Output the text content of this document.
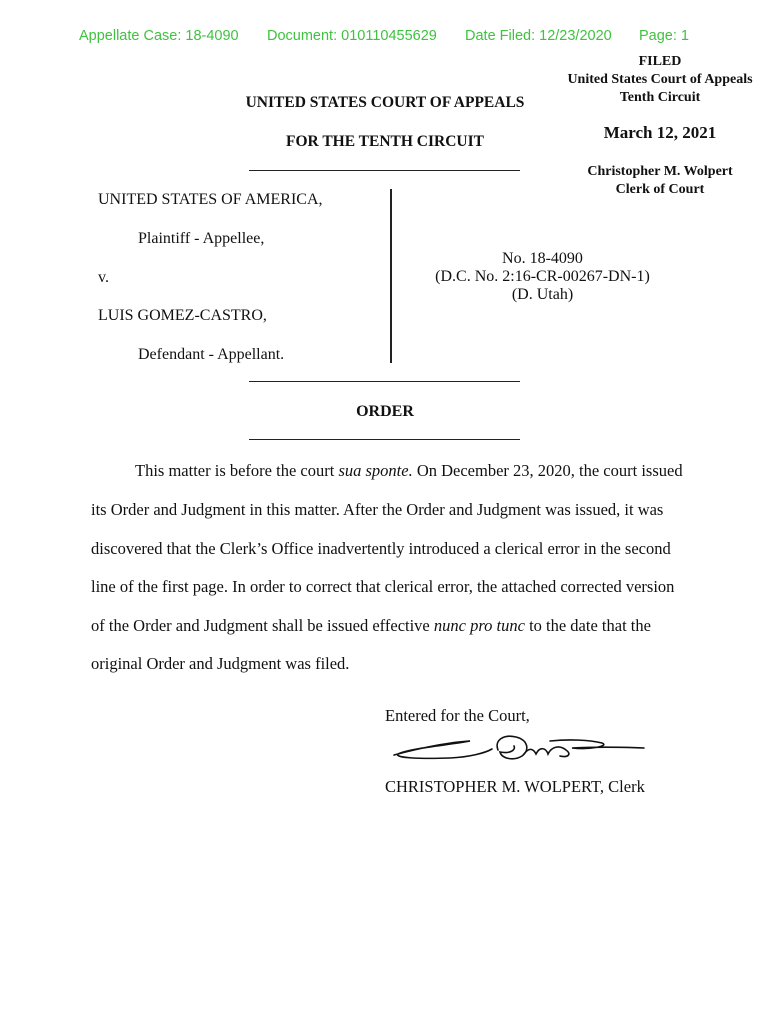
Appellate Case: 18-4090 Document: 010110455629 Date Filed: 12/23/2020 Page: 1
FILED
United States Court of Appeals
Tenth Circuit
March 12, 2021
Christopher M. Wolpert
Clerk of Court
UNITED STATES COURT OF APPEALS
FOR THE TENTH CIRCUIT
UNITED STATES OF AMERICA,
Plaintiff - Appellee,
v.
LUIS GOMEZ-CASTRO,
Defendant - Appellant.
No. 18-4090
(D.C. No. 2:16-CR-00267-DN-1)
(D. Utah)
ORDER
This matter is before the court sua sponte. On December 23, 2020, the court issued
its Order and Judgment in this matter. After the Order and Judgment was issued, it was
discovered that the Clerk’s Office inadvertently introduced a clerical error in the second
line of the first page. In order to correct that clerical error, the attached corrected version
of the Order and Judgment shall be issued effective nunc pro tunc to the date that the
original Order and Judgment was filed.
Entered for the Court,
CHRISTOPHER M. WOLPERT, Clerk
